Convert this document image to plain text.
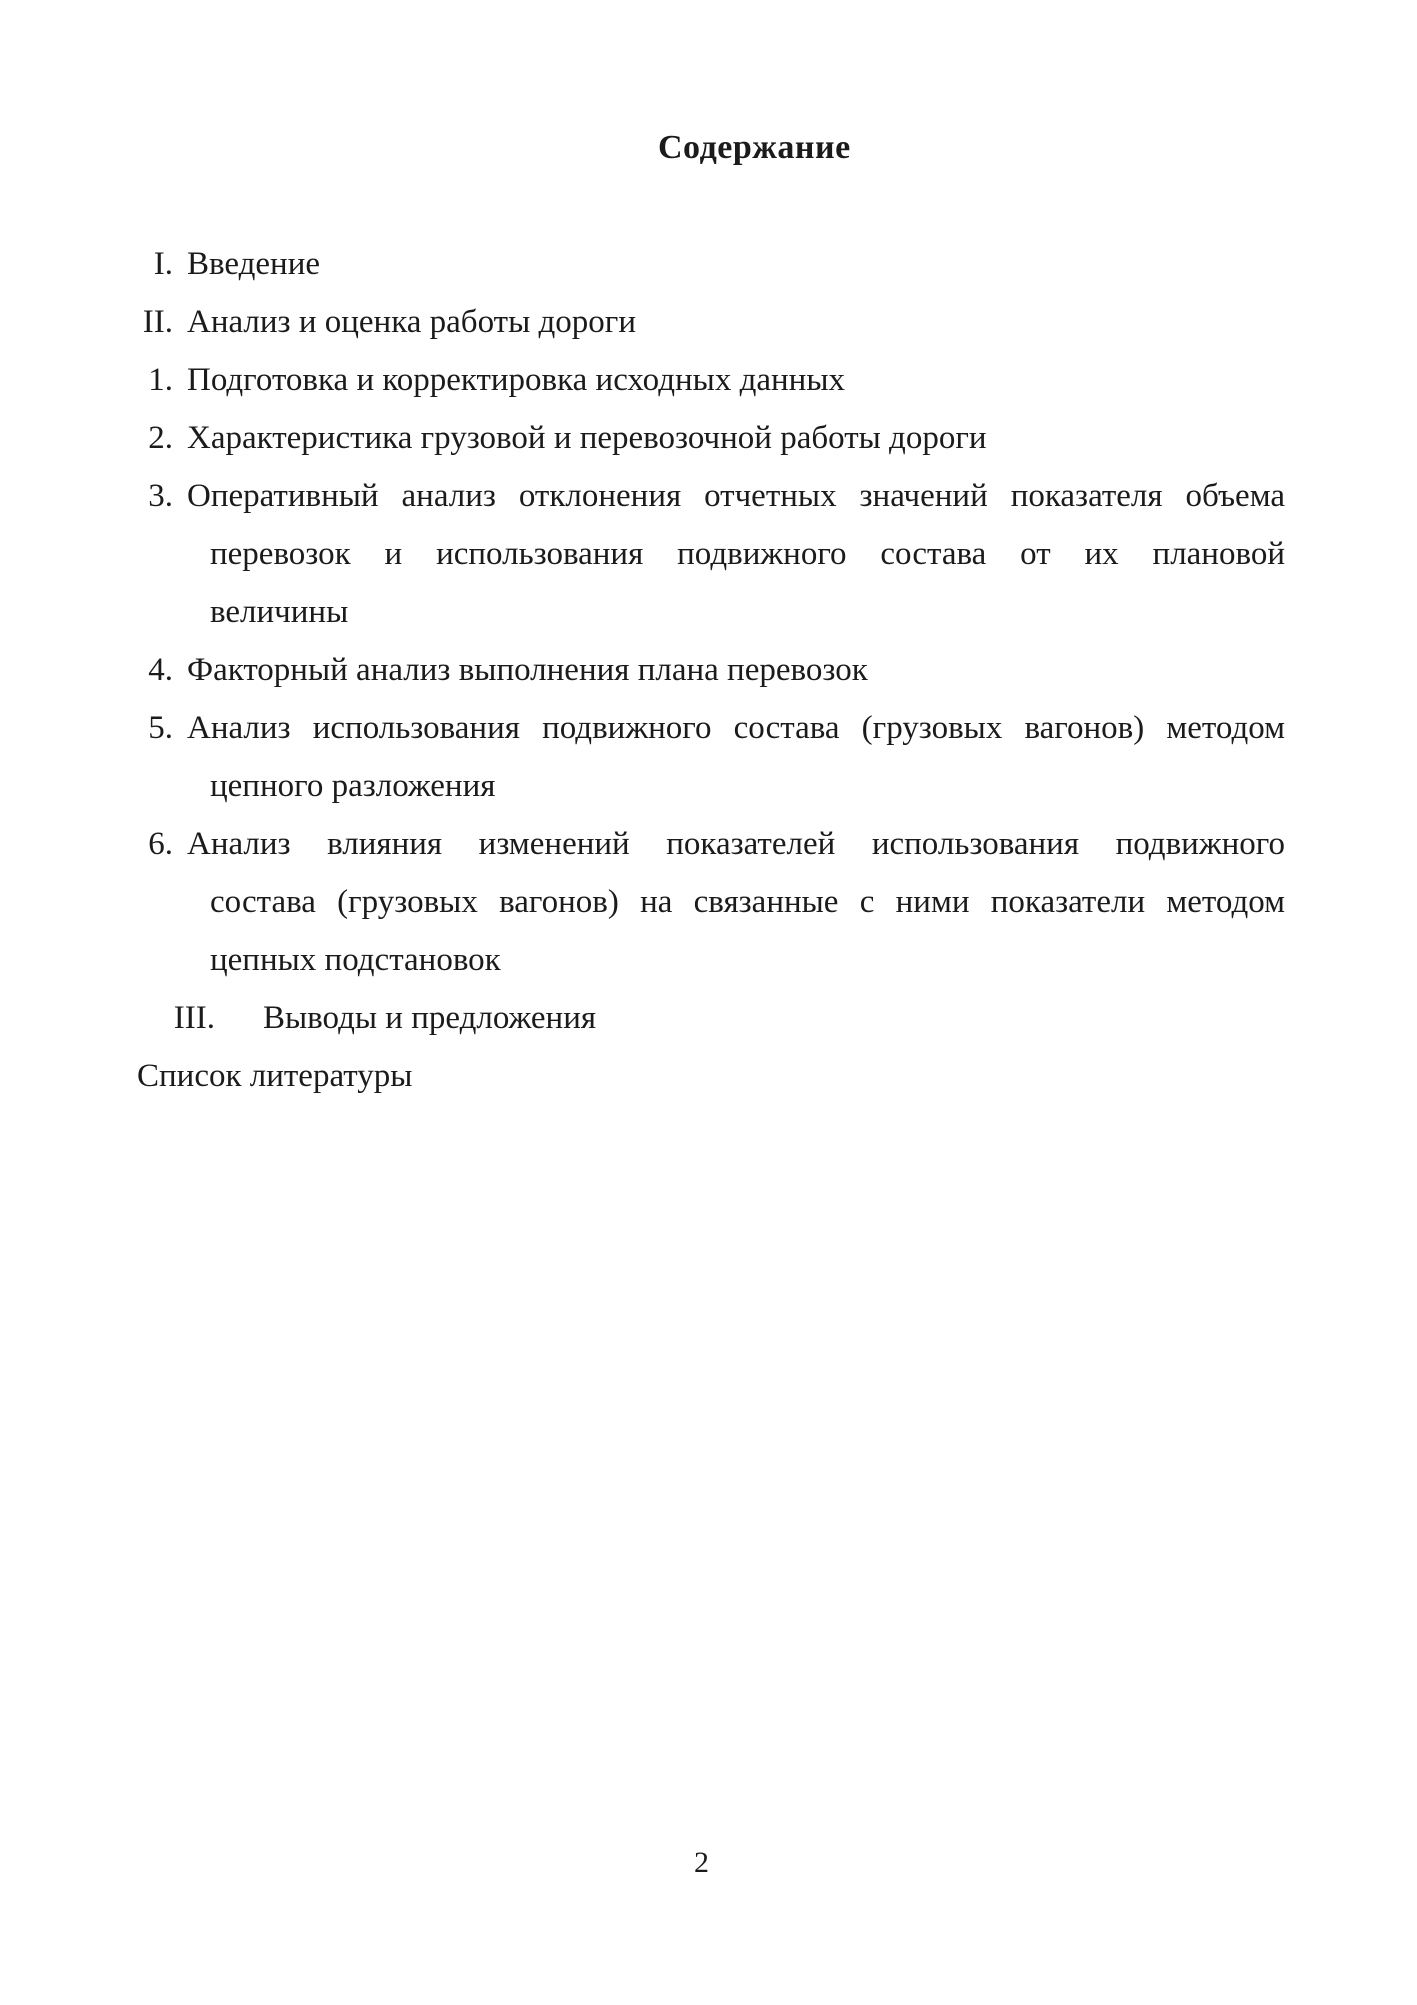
Содержание
I. Введение
II. Анализ и оценка работы дороги
1. Подготовка и корректировка исходных данных
2. Характеристика грузовой и перевозочной работы дороги
3. Оперативный анализ отклонения отчетных значений показателя объема
перевозок и использования подвижного состава от их плановой
величины
4. Факторный анализ выполнения плана перевозок
5. Анализ использования подвижного состава (грузовых вагонов) методом
цепного разложения
6. Анализ влияния изменений показателей использования подвижного
состава (грузовых вагонов) на связанные с ними показатели методом
цепных подстановок
III. Выводы и предложения
Список литературы
2
